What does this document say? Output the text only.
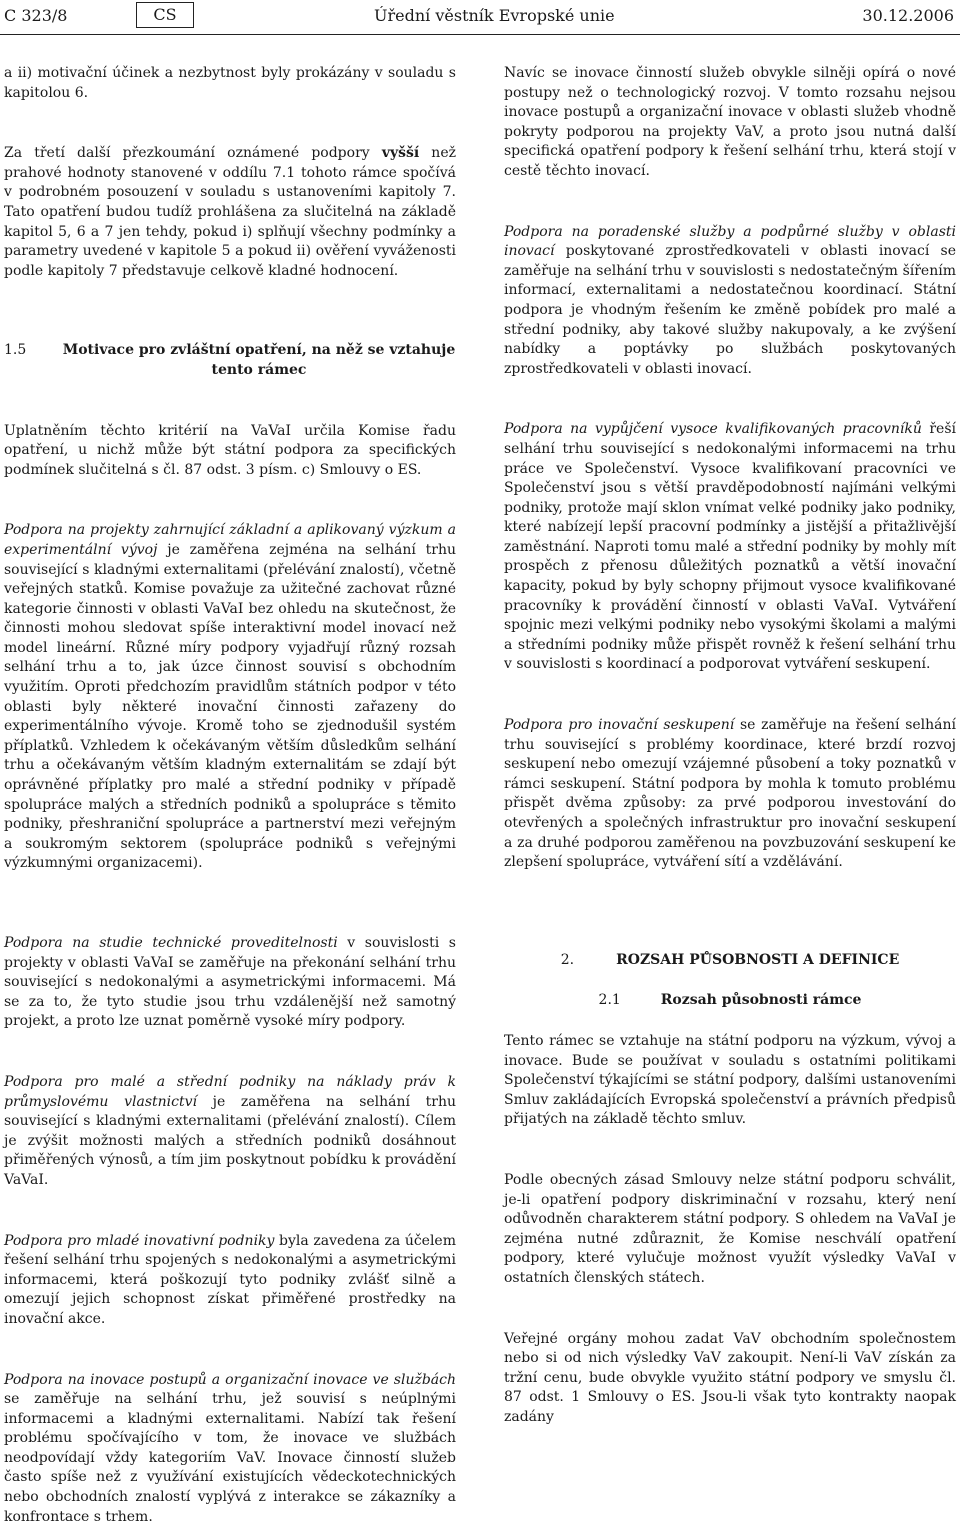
C 323/8	CS	Úřední věstník Evropské unie	30.12.2006

a ii) motivační účinek a nezbytnost byly prokázány v souladu s kapitolou 6.

Za třetí další přezkoumání oznámené podpory vyšší než prahové hodnoty stanovené v oddílu 7.1 tohoto rámce spočívá v podrobném posouzení v souladu s ustanoveními kapitoly 7. Tato opatření budou tudíž prohlášena za slučitelná na základě kapitol 5, 6 a 7 jen tehdy, pokud i) splňují všechny podmínky a parametry uvedené v kapitole 5 a pokud ii) ověření vyváženosti podle kapitoly 7 představuje celkově kladné hodnocení.

1.5	Motivace pro zvláštní opatření, na něž se vztahuje tento rámec

Uplatněním těchto kritérií na VaVaI určila Komise řadu opatření, u nichž může být státní podpora za specifických podmínek slučitelná s čl. 87 odst. 3 písm. c) Smlouvy o ES.

Podpora na projekty zahrnující základní a aplikovaný výzkum a experimentální vývoj je zaměřena zejména na selhání trhu související s kladnými externalitami (přelévání znalostí), včetně veřejných statků. Komise považuje za užitečné zachovat různé kategorie činnosti v oblasti VaVaI bez ohledu na skutečnost, že činnosti mohou sledovat spíše interaktivní model inovací než model lineární. Různé míry podpory vyjadřují různý rozsah selhání trhu a to, jak úzce činnost souvisí s obchodním využitím. Oproti předchozím pravidlům státních podpor v této oblasti byly některé inovační činnosti zařazeny do experimentálního vývoje. Kromě toho se zjednodušil systém příplatků. Vzhledem k očekávaným větším důsledkům selhání trhu a očekávaným větším kladným externalitám se zdají být oprávněné příplatky pro malé a střední podniky v případě spolupráce malých a středních podniků a spolupráce s těmito podniky, přeshraniční spolupráce a partnerství mezi veřejným a soukromým sektorem (spolupráce podniků s veřejnými výzkumnými organizacemi).

Podpora na studie technické proveditelnosti v souvislosti s projekty v oblasti VaVaI se zaměřuje na překonání selhání trhu související s nedokonalými a asymetrickými informacemi. Má se za to, že tyto studie jsou trhu vzdálenější než samotný projekt, a proto lze uznat poměrně vysoké míry podpory.

Podpora pro malé a střední podniky na náklady práv k průmyslovému vlastnictví je zaměřena na selhání trhu související s kladnými externalitami (přelévání znalostí). Cílem je zvýšit možnosti malých a středních podniků dosáhnout přiměřených výnosů, a tím jim poskytnout pobídku k provádění VaVaI.

Podpora pro mladé inovativní podniky byla zavedena za účelem řešení selhání trhu spojených s nedokonalými a asymetrickými informacemi, která poškozují tyto podniky zvlášť silně a omezují jejich schopnost získat přiměřené prostředky na inovační akce.

Podpora na inovace postupů a organizační inovace ve službách se zaměřuje na selhání trhu, jež souvisí s neúplnými informacemi a kladnými externalitami. Nabízí tak řešení problému spočívajícího v tom, že inovace ve službách neodpovídají vždy kategoriím VaV. Inovace činností služeb často spíše než z využívání existujících vědeckotechnických nebo obchodních znalostí vyplývá z interakce se zákazníky a konfrontace s trhem.

Navíc se inovace činností služeb obvykle silněji opírá o nové postupy než o technologický rozvoj. V tomto rozsahu nejsou inovace postupů a organizační inovace v oblasti služeb vhodně pokryty podporou na projekty VaV, a proto jsou nutná další specifická opatření podpory k řešení selhání trhu, která stojí v cestě těchto inovací.

Podpora na poradenské služby a podpůrné služby v oblasti inovací poskytované zprostředkovateli v oblasti inovací se zaměřuje na selhání trhu v souvislosti s nedostatečným šířením informací, externalitami a nedostatečnou koordinací. Státní podpora je vhodným řešením ke změně pobídek pro malé a střední podniky, aby takové služby nakupovaly, a ke zvýšení nabídky a poptávky po službách poskytovaných zprostředkovateli v oblasti inovací.

Podpora na vypůjčení vysoce kvalifikovaných pracovníků řeší selhání trhu související s nedokonalými informacemi na trhu práce ve Společenství. Vysoce kvalifikovaní pracovníci ve Společenství jsou s větší pravděpodobností najímáni velkými podniky, protože mají sklon vnímat velké podniky jako podniky, které nabízejí lepší pracovní podmínky a jistější a přitažlivější zaměstnání. Naproti tomu malé a střední podniky by mohly mít prospěch z přenosu důležitých poznatků a větší inovační kapacity, pokud by byly schopny přijmout vysoce kvalifikované pracovníky k provádění činností v oblasti VaVaI. Vytváření spojnic mezi velkými podniky nebo vysokými školami a malými a středními podniky může přispět rovněž k řešení selhání trhu v souvislosti s koordinací a podporovat vytváření seskupení.

Podpora pro inovační seskupení se zaměřuje na řešení selhání trhu související s problémy koordinace, které brzdí rozvoj seskupení nebo omezují vzájemné působení a toky poznatků v rámci seskupení. Státní podpora by mohla k tomuto problému přispět dvěma způsoby: za prvé podporou investování do otevřených a společných infrastruktur pro inovační seskupení a za druhé podporou zaměřenou na povzbuzování seskupení ke zlepšení spolupráce, vytváření sítí a vzdělávání.

2.	ROZSAH PŮSOBNOSTI A DEFINICE
2.1	Rozsah působnosti rámce

Tento rámec se vztahuje na státní podporu na výzkum, vývoj a inovace. Bude se používat v souladu s ostatními politikami Společenství týkajícími se státní podpory, dalšími ustanoveními Smluv zakládajících Evropská společenství a právních předpisů přijatých na základě těchto smluv.

Podle obecných zásad Smlouvy nelze státní podporu schválit, je-li opatření podpory diskriminační v rozsahu, který není odůvodněn charakterem státní podpory. S ohledem na VaVaI je zejména nutné zdůraznit, že Komise neschválí opatření podpory, které vylučuje možnost využít výsledky VaVaI v ostatních členských státech.

Veřejné orgány mohou zadat VaV obchodním společnostem nebo si od nich výsledky VaV zakoupit. Není-li VaV získán za tržní cenu, bude obvykle využito státní podpory ve smyslu čl. 87 odst. 1 Smlouvy o ES. Jsou-li však tyto kontrakty naopak zadány
